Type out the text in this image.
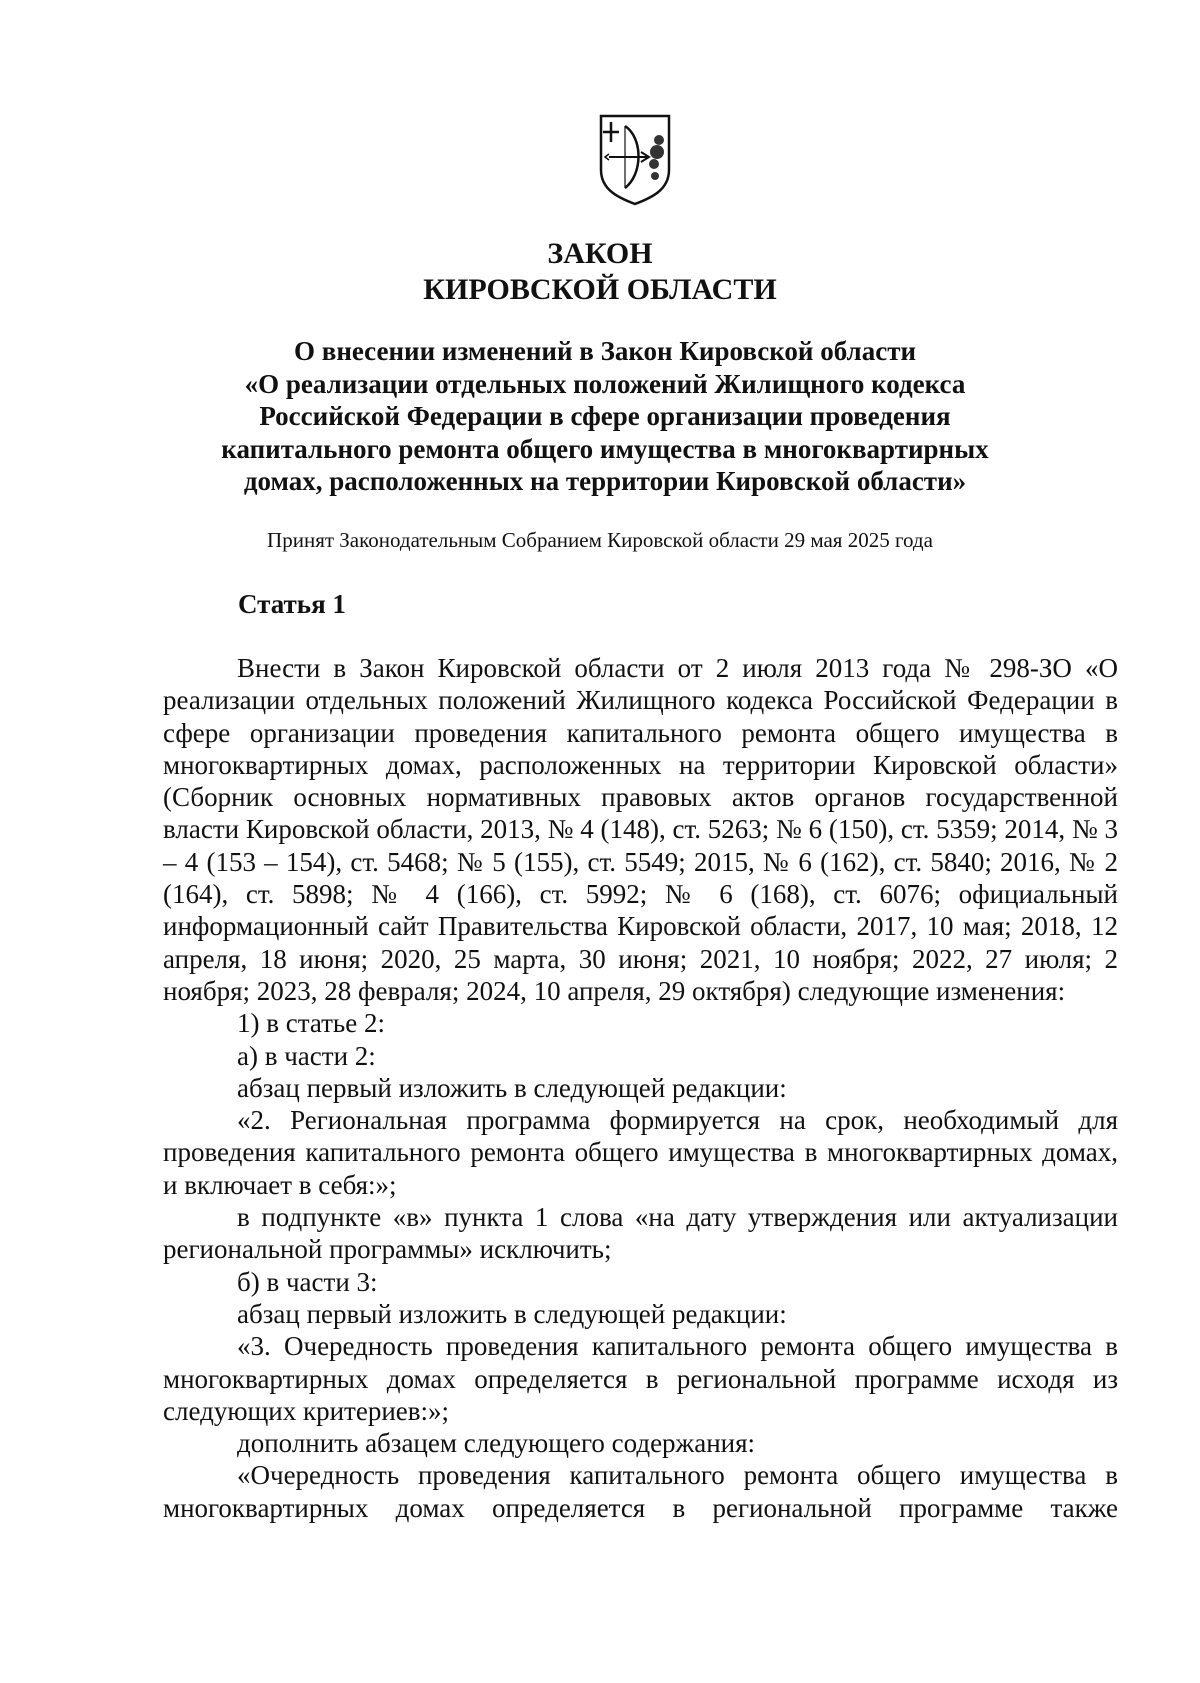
ЗАКОН
КИРОВСКОЙ ОБЛАСТИ
О внесении изменений в Закон Кировской области
«О реализации отдельных положений Жилищного кодекса
Российской Федерации в сфере организации проведения
капитального ремонта общего имущества в многоквартирных
домах, расположенных на территории Кировской области»
Принят Законодательным Собранием Кировской области 29 мая 2025 года
Статья 1

Внести в Закон Кировской области от 2 июля 2013 года № 298-ЗО «О реализации отдельных положений Жилищного кодекса Российской Федерации в сфере организации проведения капитального ремонта общего имущества в многоквартирных домах, расположенных на территории Кировской области» (Сборник основных нормативных правовых актов органов государственной власти Кировской области, 2013, № 4 (148), ст. 5263; № 6 (150), ст. 5359; 2014, № 3 – 4 (153 – 154), ст. 5468; № 5 (155), ст. 5549; 2015, № 6 (162), ст. 5840; 2016, № 2 (164), ст. 5898; № 4 (166), ст. 5992; № 6 (168), ст. 6076; официальный информационный сайт Правительства Кировской области, 2017, 10 мая; 2018, 12 апреля, 18 июня; 2020, 25 марта, 30 июня; 2021, 10 ноября; 2022, 27 июля; 2 ноября; 2023, 28 февраля; 2024, 10 апреля, 29 октября) следующие изменения:

1) в статье 2:

а) в части 2:

абзац первый изложить в следующей редакции:

«2. Региональная программа формируется на срок, необходимый для проведения капитального ремонта общего имущества в многоквартирных домах, и включает в себя:»;

в подпункте «в» пункта 1 слова «на дату утверждения или актуализации региональной программы» исключить;

б) в части 3:

абзац первый изложить в следующей редакции:

«3. Очередность проведения капитального ремонта общего имущества в многоквартирных домах определяется в региональной программе исходя из следующих критериев:»;

дополнить абзацем следующего содержания:

«Очередность проведения капитального ремонта общего имущества в многоквартирных домах определяется в региональной программе также
